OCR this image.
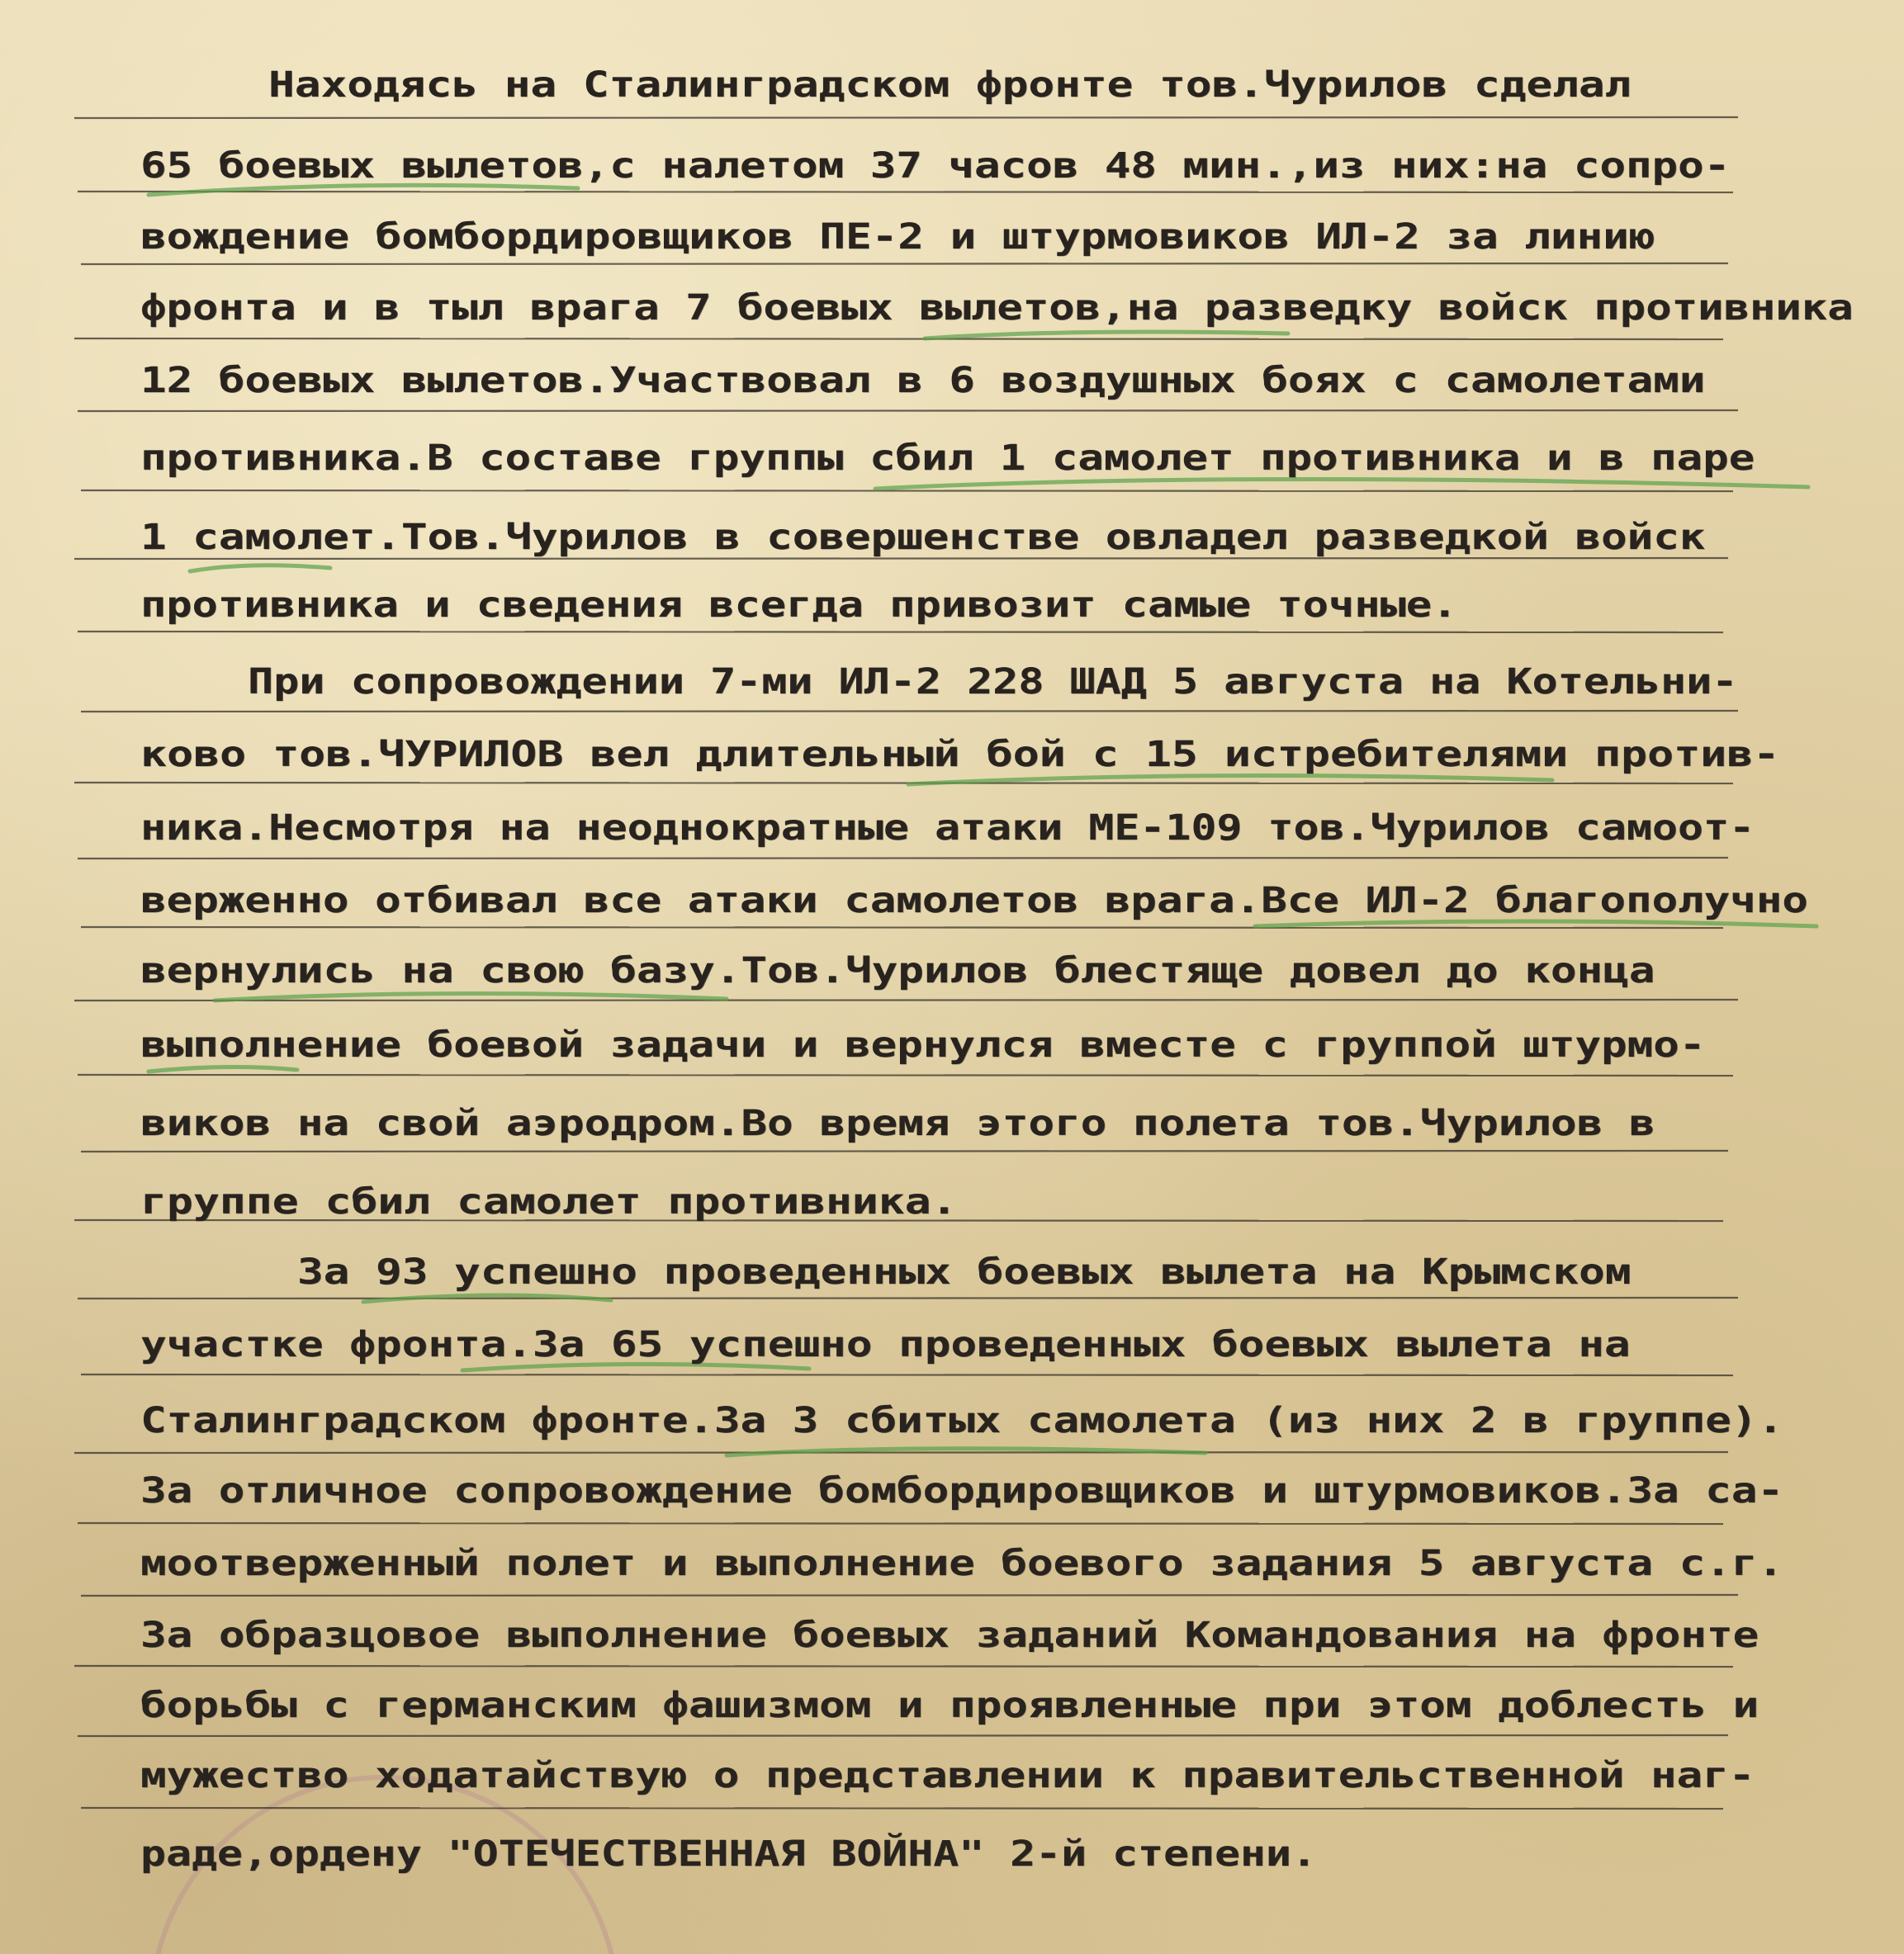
Находясь на Сталинградском фронте тов.Чурилов сделал
65 боевых вылетов,с налетом 37 часов 48 мин.,из них:на сопро-
вождение бомбордировщиков ПЕ-2 и штурмовиков ИЛ-2 за линию
фронта и в тыл врага 7 боевых вылетов,на разведку войск противника
12 боевых вылетов.Участвовал в 6 воздушных боях с самолетами
противника.В составе группы сбил 1 самолет противника и в паре
1 самолет.Тов.Чурилов в совершенстве овладел разведкой войск
противника и сведения всегда привозит самые точные.
При сопровождении 7-ми ИЛ-2 228 ШАД 5 августа на Котельни-
ково тов.ЧУРИЛОВ вел длительный бой с 15 истребителями против-
ника.Несмотря на неоднократные атаки МЕ-109 тов.Чурилов самоот-
верженно отбивал все атаки самолетов врага.Все ИЛ-2 благополучно
вернулись на свою базу.Тов.Чурилов блестяще довел до конца
выполнение боевой задачи и вернулся вместе с группой штурмо-
виков на свой аэродром.Во время этого полета тов.Чурилов в
группе сбил самолет противника.
За 93 успешно проведенных боевых вылета на Крымском
участке фронта.За 65 успешно проведенных боевых вылета на
Сталинградском фронте.За 3 сбитых самолета (из них 2 в группе).
За отличное сопровождение бомбордировщиков и штурмовиков.За са-
моотверженный полет и выполнение боевого задания 5 августа с.г.
За образцовое выполнение боевых заданий Командования на фронте
борьбы с германским фашизмом и проявленные при этом доблесть и
мужество ходатайствую о представлении к правительственной наг-
раде,ордену "ОТЕЧЕСТВЕННАЯ ВОЙНА" 2-й степени.
